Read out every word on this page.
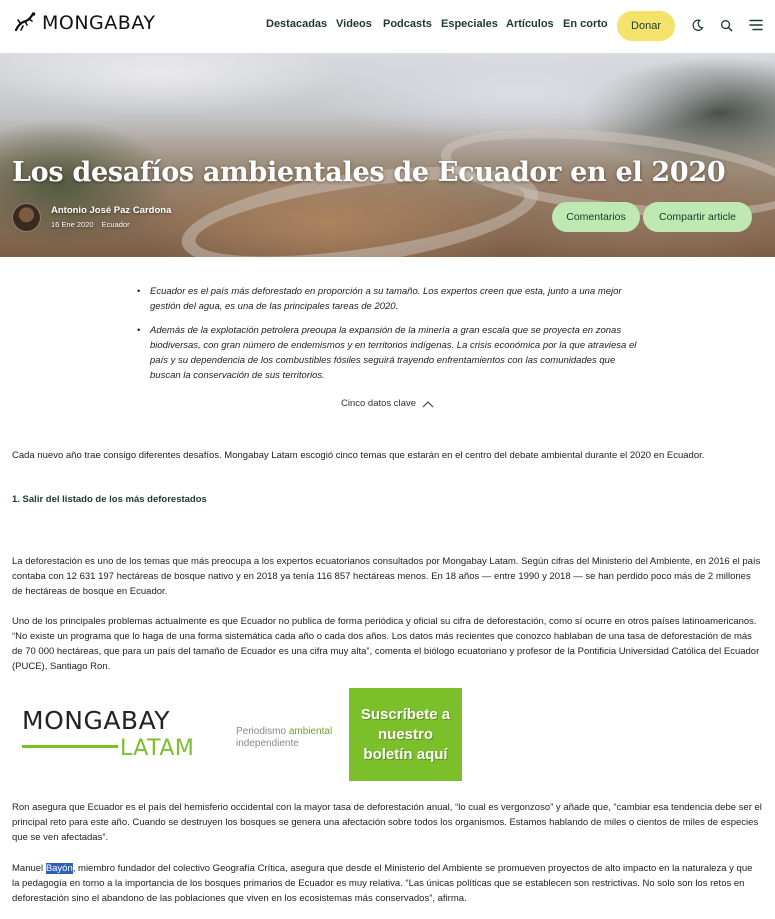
MONGABAY	Destacadas Videos Podcasts Especiales Artículos En corto	Donar
Los desafíos ambientales de Ecuador en el 2020
Antonio José Paz Cardona
16 Ene 2020 Ecuador
Comentarios	Compartir article
• Ecuador es el país más deforestado en proporción a su tamaño. Los expertos creen que esta, junto a una mejor gestión del agua, es una de las principales tareas de 2020.
• Además de la explotación petrolera preoupa la expansión de la minería a gran escala que se proyecta en zonas biodiversas, con gran número de endemismos y en territorios indígenas. La crisis económica por la que atraviesa el país y su dependencia de los combustibles fósiles seguirá trayendo enfrentamientos con las comunidades que buscan la conservación de sus territorios.
Cinco datos clave

Cada nuevo año trae consigo diferentes desafíos. Mongabay Latam escogió cinco temas que estarán en el centro del debate ambiental durante el 2020 en Ecuador.

1. Salir del listado de los más deforestados

La deforestación es uno de los temas que más preocupa a los expertos ecuatorianos consultados por Mongabay Latam. Según cifras del Ministerio del Ambiente, en 2016 el país contaba con 12 631 197 hectáreas de bosque nativo y en 2018 ya tenía 116 857 hectáreas menos. En 18 años — entre 1990 y 2018 — se han perdido poco más de 2 millones de hectáreas de bosque en Ecuador.

Uno de los principales problemas actualmente es que Ecuador no publica de forma periódica y oficial su cifra de deforestación, como sí ocurre en otros países latinoamericanos. “No existe un programa que lo haga de una forma sistemática cada año o cada dos años. Los datos más recientes que conozco hablaban de una tasa de deforestación de más de 70 000 hectáreas, que para un país del tamaño de Ecuador es una cifra muy alta”, comenta el biólogo ecuatoriano y profesor de la Pontificia Universidad Católica del Ecuador (PUCE), Santiago Ron.

MONGABAY
LATAM
Periodismo ambiental
independiente
Suscríbete a nuestro boletín aquí

Ron asegura que Ecuador es el país del hemisferio occidental con la mayor tasa de deforestación anual, “lo cual es vergonzoso” y añade que, “cambiar esa tendencia debe ser el principal reto para este año. Cuando se destruyen los bosques se genera una afectación sobre todos los organismos. Estamos hablando de miles o cientos de miles de especies que se ven afectadas”.

Manuel Bayón, miembro fundador del colectivo Geografía Crítica, asegura que desde el Ministerio del Ambiente se promueven proyectos de alto impacto en la naturaleza y que la pedagogía en torno a la importancia de los bosques primarios de Ecuador es muy relativa. “Las únicas políticas que se establecen son restrictivas. No solo son los retos en deforestación sino el abandono de las poblaciones que viven en los ecosistemas más conservados”, afirma.
